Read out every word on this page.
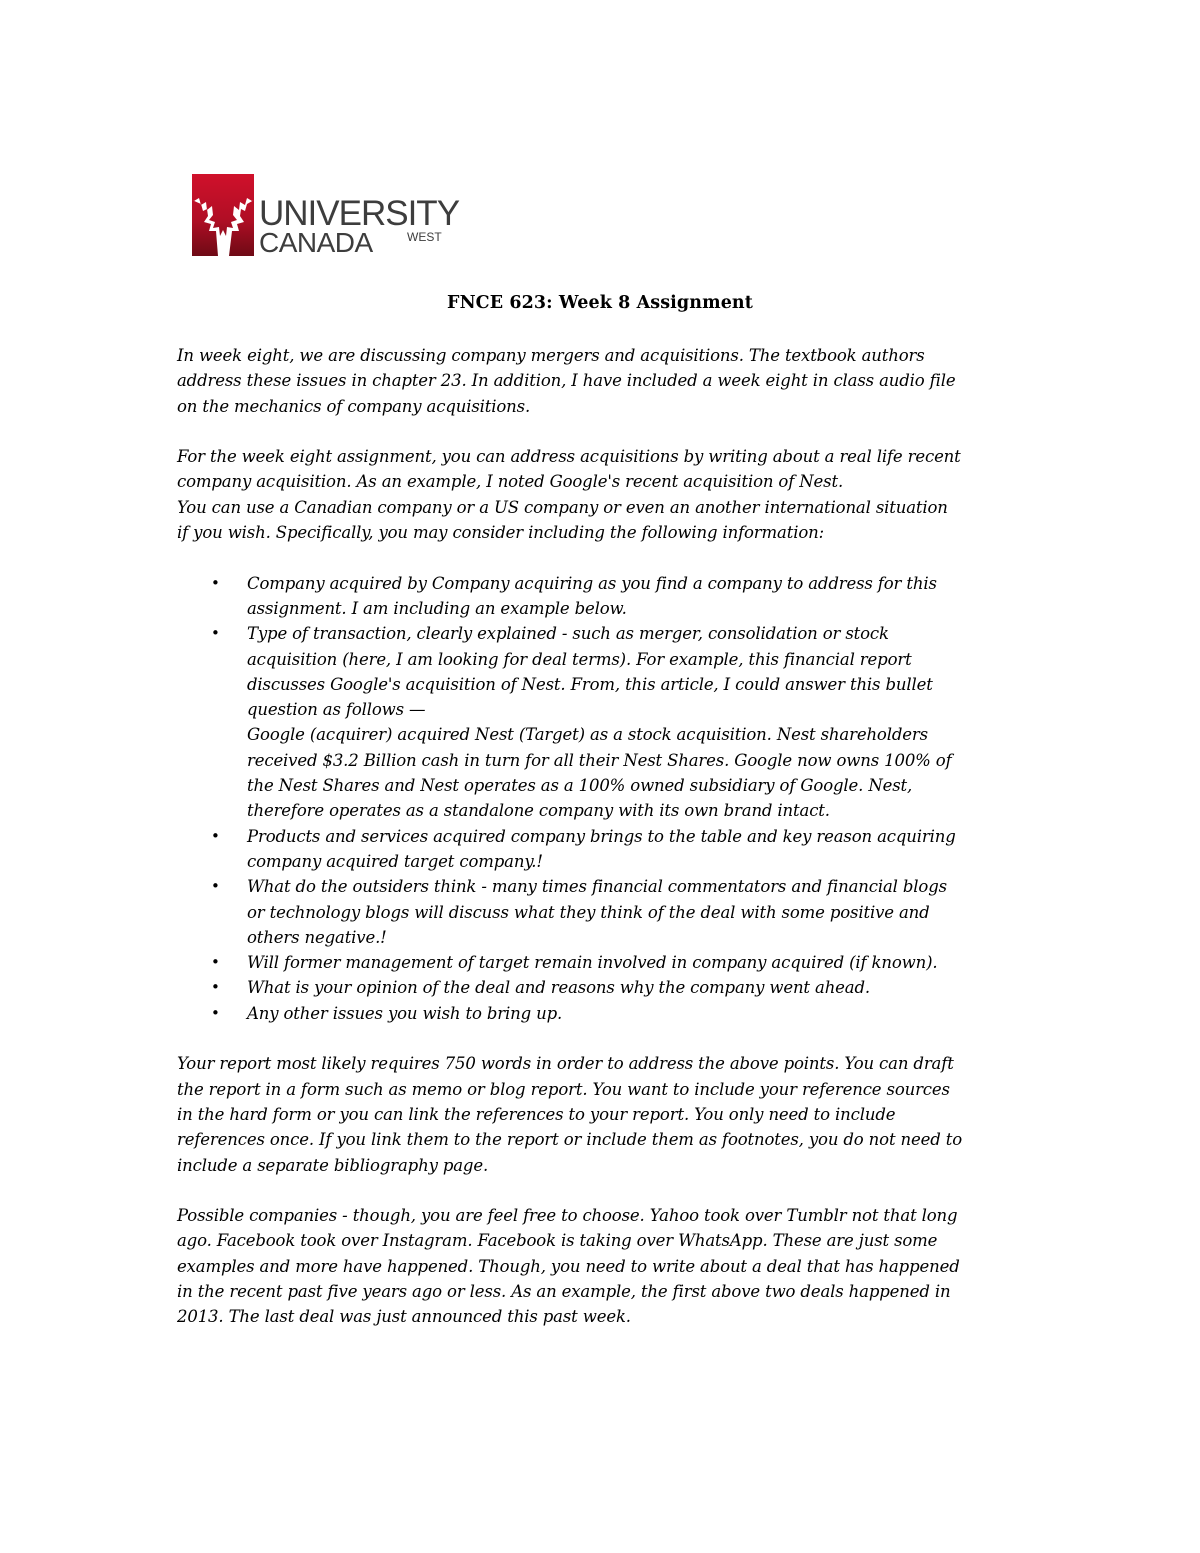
UNIVERSITY
CANADA	WEST
FNCE 623: Week 8 Assignment
In week eight, we are discussing company mergers and acquisitions. The textbook authors
address these issues in chapter 23. In addition, I have included a week eight in class audio file
on the mechanics of company acquisitions.
For the week eight assignment, you can address acquisitions by writing about a real life recent
company acquisition. As an example, I noted Google's recent acquisition of Nest.
You can use a Canadian company or a US company or even an another international situation
if you wish. Specifically, you may consider including the following information:
• Company acquired by Company acquiring as you find a company to address for this
assignment. I am including an example below.
• Type of transaction, clearly explained - such as merger, consolidation or stock
acquisition (here, I am looking for deal terms). For example, this financial report
discusses Google's acquisition of Nest. From, this article, I could answer this bullet
question as follows —
Google (acquirer) acquired Nest (Target) as a stock acquisition. Nest shareholders
received $3.2 Billion cash in turn for all their Nest Shares. Google now owns 100% of
the Nest Shares and Nest operates as a 100% owned subsidiary of Google. Nest,
therefore operates as a standalone company with its own brand intact.
• Products and services acquired company brings to the table and key reason acquiring
company acquired target company.!
• What do the outsiders think - many times financial commentators and financial blogs
or technology blogs will discuss what they think of the deal with some positive and
others negative.!
• Will former management of target remain involved in company acquired (if known).
• What is your opinion of the deal and reasons why the company went ahead.
• Any other issues you wish to bring up.
Your report most likely requires 750 words in order to address the above points. You can draft
the report in a form such as memo or blog report. You want to include your reference sources
in the hard form or you can link the references to your report. You only need to include
references once. If you link them to the report or include them as footnotes, you do not need to
include a separate bibliography page.
Possible companies - though, you are feel free to choose. Yahoo took over Tumblr not that long
ago. Facebook took over Instagram. Facebook is taking over WhatsApp. These are just some
examples and more have happened. Though, you need to write about a deal that has happened
in the recent past five years ago or less. As an example, the first above two deals happened in
2013. The last deal was just announced this past week.
